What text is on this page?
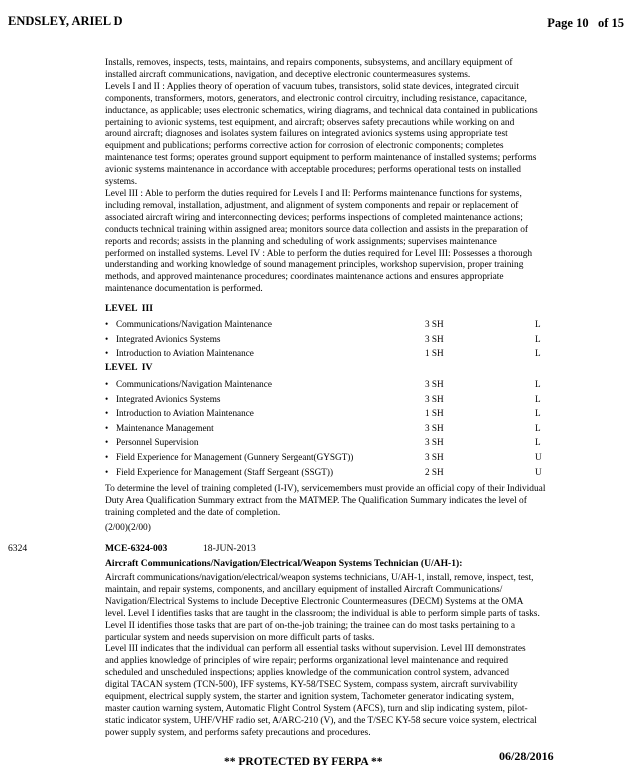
ENDSLEY, ARIEL D	Page 10   of 15

Installs, removes, inspects, tests, maintains, and repairs components, subsystems, and ancillary equipment of

installed aircraft communications, navigation, and deceptive electronic countermeasures systems.

Levels I and II : Applies theory of operation of vacuum tubes, transistors, solid state devices, integrated circuit

components, transformers, motors, generators, and electronic control circuitry, including resistance, capacitance,

inductance, as applicable; uses electronic schematics, wiring diagrams, and technical data contained in publications

pertaining to avionic systems, test equipment, and aircraft; observes safety precautions while working on and

around aircraft; diagnoses and isolates system failures on integrated avionics systems using appropriate test

equipment and publications; performs corrective action for corrosion of electronic components; completes

maintenance test forms; operates ground support equipment to perform maintenance of installed systems; performs

avionic systems maintenance in accordance with acceptable procedures; performs operational tests on installed

systems.

Level III : Able to perform the duties required for Levels I and II: Performs maintenance functions for systems,

including removal, installation, adjustment, and alignment of system components and repair or replacement of

associated aircraft wiring and interconnecting devices; performs inspections of completed maintenance actions;

conducts technical training within assigned area; monitors source data collection and assists in the preparation of

reports and records; assists in the planning and scheduling of work assignments; supervises maintenance

performed on installed systems. Level IV : Able to perform the duties required for Level III: Possesses a thorough

understanding and working knowledge of sound management principles, workshop supervision, proper training

methods, and approved maintenance procedures; coordinates maintenance actions and ensures appropriate

maintenance documentation is performed.

LEVEL  III
• Communications/Navigation Maintenance	3 SH	L
• Integrated Avionics Systems	3 SH	L
• Introduction to Aviation Maintenance	1 SH	L
LEVEL  IV
• Communications/Navigation Maintenance	3 SH	L
• Integrated Avionics Systems	3 SH	L
• Introduction to Aviation Maintenance	1 SH	L
• Maintenance Management	3 SH	L
• Personnel Supervision	3 SH	L
• Field Experience for Management (Gunnery Sergeant(GYSGT))	3 SH	U
• Field Experience for Management (Staff Sergeant (SSGT))	2 SH	U

To determine the level of training completed (I-IV), servicemembers must provide an official copy of their Individual

Duty Area Qualification Summary extract from the MATMEP. The Qualification Summary indicates the level of

training completed and the date of completion.

(2/00)(2/00)
6324	MCE-6324-003	18-JUN-2013
Aircraft Communications/Navigation/Electrical/Weapon Systems Technician (U/AH-1):

Aircraft communications/navigation/electrical/weapon systems technicians, U/AH-1, install, remove, inspect, test,

maintain, and repair systems, components, and ancillary equipment of installed Aircraft Communications/

Navigation/Electrical Systems to include Deceptive Electronic Countermeasures (DECM) Systems at the OMA

level. Level I identifies tasks that are taught in the classroom; the individual is able to perform simple parts of tasks.

Level II identifies those tasks that are part of on-the-job training; the trainee can do most tasks pertaining to a

particular system and needs supervision on more difficult parts of tasks.

Level III indicates that the individual can perform all essential tasks without supervision. Level III demonstrates

and applies knowledge of principles of wire repair; performs organizational level maintenance and required

scheduled and unscheduled inspections; applies knowledge of the communication control system, advanced

digital TACAN system (TCN-500), IFF systems, KY-58/TSEC System, compass system, aircraft survivability

equipment, electrical supply system, the starter and ignition system, Tachometer generator indicating system,

master caution warning system, Automatic Flight Control System (AFCS), turn and slip indicating system, pilot-

static indicator system, UHF/VHF radio set, A/ARC-210 (V), and the T/SEC KY-58 secure voice system, electrical

power supply system, and performs safety precautions and procedures.

** PROTECTED BY FERPA **	06/28/2016
